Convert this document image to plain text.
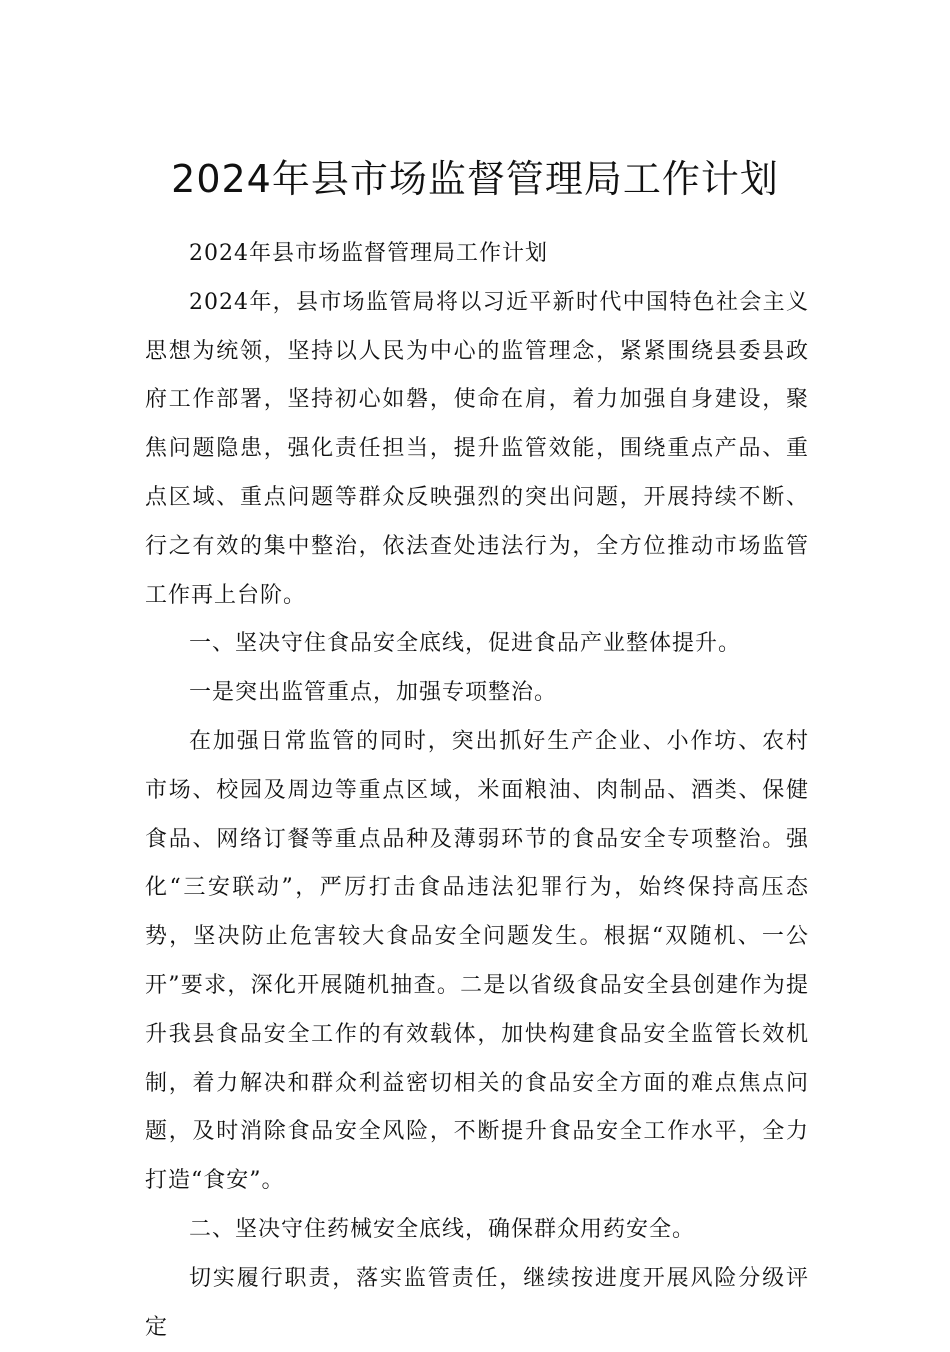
2024年县市场监督管理局工作计划

2024年县市场监督管理局工作计划

2024年，县市场监管局将以习近平新时代中国特色社会主义思想为统领，坚持以人民为中心的监管理念，紧紧围绕县委县政府工作部署，坚持初心如磐，使命在肩，着力加强自身建设，聚焦问题隐患，强化责任担当，提升监管效能，围绕重点产品、重点区域、重点问题等群众反映强烈的突出问题，开展持续不断、行之有效的集中整治，依法查处违法行为，全方位推动市场监管工作再上台阶。

一、坚决守住食品安全底线，促进食品产业整体提升。

一是突出监管重点，加强专项整治。

在加强日常监管的同时，突出抓好生产企业、小作坊、农村市场、校园及周边等重点区域，米面粮油、肉制品、酒类、保健食品、网络订餐等重点品种及薄弱环节的食品安全专项整治。强化“三安联动”，严厉打击食品违法犯罪行为，始终保持高压态势，坚决防止危害较大食品安全问题发生。根据“双随机、一公开”要求，深化开展随机抽查。二是以省级食品安全县创建作为提升我县食品安全工作的有效载体，加快构建食品安全监管长效机制，着力解决和群众利益密切相关的食品安全方面的难点焦点问题，及时消除食品安全风险，不断提升食品安全工作水平，全力打造“食安”。

二、坚决守住药械安全底线，确保群众用药安全。

切实履行职责，落实监管责任，继续按进度开展风险分级评定
